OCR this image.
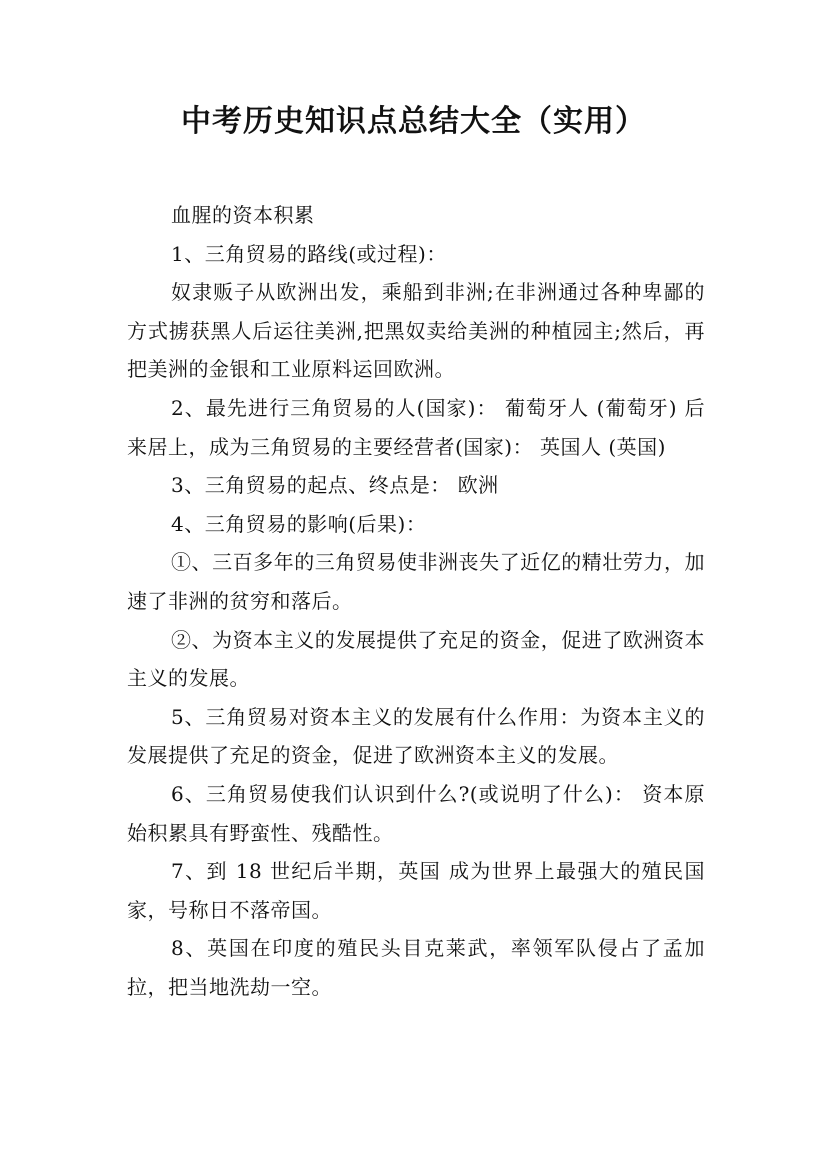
中考历史知识点总结大全（实用）

血腥的资本积累

1、三角贸易的路线(或过程)：

奴隶贩子从欧洲出发，乘船到非洲;在非洲通过各种卑鄙的方式掳获黑人后运往美洲,把黑奴卖给美洲的种植园主;然后，再把美洲的金银和工业原料运回欧洲。

2、最先进行三角贸易的人(国家)： 葡萄牙人 (葡萄牙) 后来居上，成为三角贸易的主要经营者(国家)： 英国人 (英国)

3、三角贸易的起点、终点是： 欧洲

4、三角贸易的影响(后果)：

①、三百多年的三角贸易使非洲丧失了近亿的精壮劳力，加速了非洲的贫穷和落后。

②、为资本主义的发展提供了充足的资金，促进了欧洲资本主义的发展。

5、三角贸易对资本主义的发展有什么作用：为资本主义的发展提供了充足的资金，促进了欧洲资本主义的发展。

6、三角贸易使我们认识到什么?(或说明了什么)： 资本原始积累具有野蛮性、残酷性。

7、到 18 世纪后半期，英国 成为世界上最强大的殖民国家，号称日不落帝国。

8、英国在印度的殖民头目克莱武，率领军队侵占了孟加拉，把当地洗劫一空。
